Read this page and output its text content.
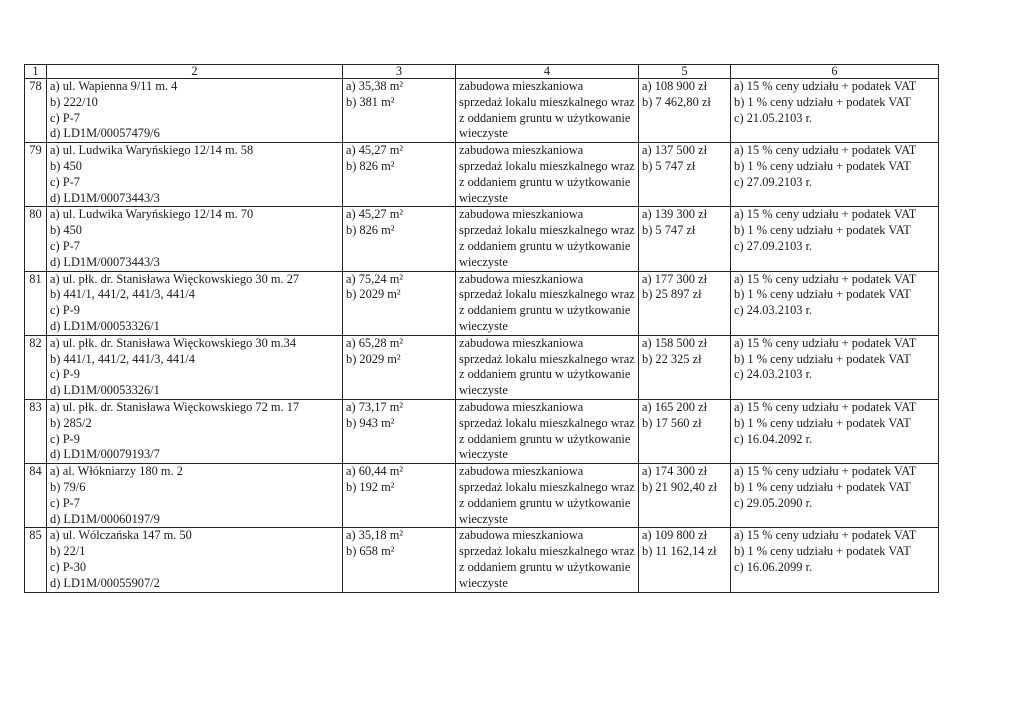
1	2	3	4	5	6
78	a) ul. Wapienna 9/11 m. 4
b) 222/10
c) P-7
d) LD1M/00057479/6	a) 35,38 m²
b) 381 m²	zabudowa mieszkaniowa
sprzedaż lokalu mieszkalnego wraz
z oddaniem gruntu w użytkowanie
wieczyste	a) 108 900 zł
b) 7 462,80 zł	a) 15 % ceny udziału + podatek VAT
b) 1 % ceny udziału + podatek VAT
c) 21.05.2103 r.

79	a) ul. Ludwika Waryńskiego 12/14 m. 58
b) 450
c) P-7
d) LD1M/00073443/3	a) 45,27 m²
b) 826 m²	zabudowa mieszkaniowa
sprzedaż lokalu mieszkalnego wraz
z oddaniem gruntu w użytkowanie
wieczyste	a) 137 500 zł
b) 5 747 zł	a) 15 % ceny udziału + podatek VAT
b) 1 % ceny udziału + podatek VAT
c) 27.09.2103 r.

80	a) ul. Ludwika Waryńskiego 12/14 m. 70
b) 450
c) P-7
d) LD1M/00073443/3	a) 45,27 m²
b) 826 m²	zabudowa mieszkaniowa
sprzedaż lokalu mieszkalnego wraz
z oddaniem gruntu w użytkowanie
wieczyste	a) 139 300 zł
b) 5 747 zł	a) 15 % ceny udziału + podatek VAT
b) 1 % ceny udziału + podatek VAT
c) 27.09.2103 r.

81	a) ul. płk. dr. Stanisława Więckowskiego 30 m. 27
b) 441/1, 441/2, 441/3, 441/4
c) P-9
d) LD1M/00053326/1	a) 75,24 m²
b) 2029 m²	zabudowa mieszkaniowa
sprzedaż lokalu mieszkalnego wraz
z oddaniem gruntu w użytkowanie
wieczyste	a) 177 300 zł
b) 25 897 zł	a) 15 % ceny udziału + podatek VAT
b) 1 % ceny udziału + podatek VAT
c) 24.03.2103 r.

82	a) ul. płk. dr. Stanisława Więckowskiego 30 m.34
b) 441/1, 441/2, 441/3, 441/4
c) P-9
d) LD1M/00053326/1	a) 65,28 m²
b) 2029 m²	zabudowa mieszkaniowa
sprzedaż lokalu mieszkalnego wraz
z oddaniem gruntu w użytkowanie
wieczyste	a) 158 500 zł
b) 22 325 zł	a) 15 % ceny udziału + podatek VAT
b) 1 % ceny udziału + podatek VAT
c) 24.03.2103 r.

83	a) ul. płk. dr. Stanisława Więckowskiego 72 m. 17
b) 285/2
c) P-9
d) LD1M/00079193/7	a) 73,17 m²
b) 943 m²	zabudowa mieszkaniowa
sprzedaż lokalu mieszkalnego wraz
z oddaniem gruntu w użytkowanie
wieczyste	a) 165 200 zł
b) 17 560 zł	a) 15 % ceny udziału + podatek VAT
b) 1 % ceny udziału + podatek VAT
c) 16.04.2092 r.

84	a) al. Włókniarzy 180 m. 2
b) 79/6
c) P-7
d) LD1M/00060197/9	a) 60,44 m²
b) 192 m²	zabudowa mieszkaniowa
sprzedaż lokalu mieszkalnego wraz
z oddaniem gruntu w użytkowanie
wieczyste	a) 174 300 zł
b) 21 902,40 zł	a) 15 % ceny udziału + podatek VAT
b) 1 % ceny udziału + podatek VAT
c) 29.05.2090 r.

85	a) ul. Wólczańska 147 m. 50
b) 22/1
c) P-30
d) LD1M/00055907/2	a) 35,18 m²
b) 658 m²	zabudowa mieszkaniowa
sprzedaż lokalu mieszkalnego wraz
z oddaniem gruntu w użytkowanie
wieczyste	a) 109 800 zł
b) 11 162,14 zł	a) 15 % ceny udziału + podatek VAT
b) 1 % ceny udziału + podatek VAT
c) 16.06.2099 r.
